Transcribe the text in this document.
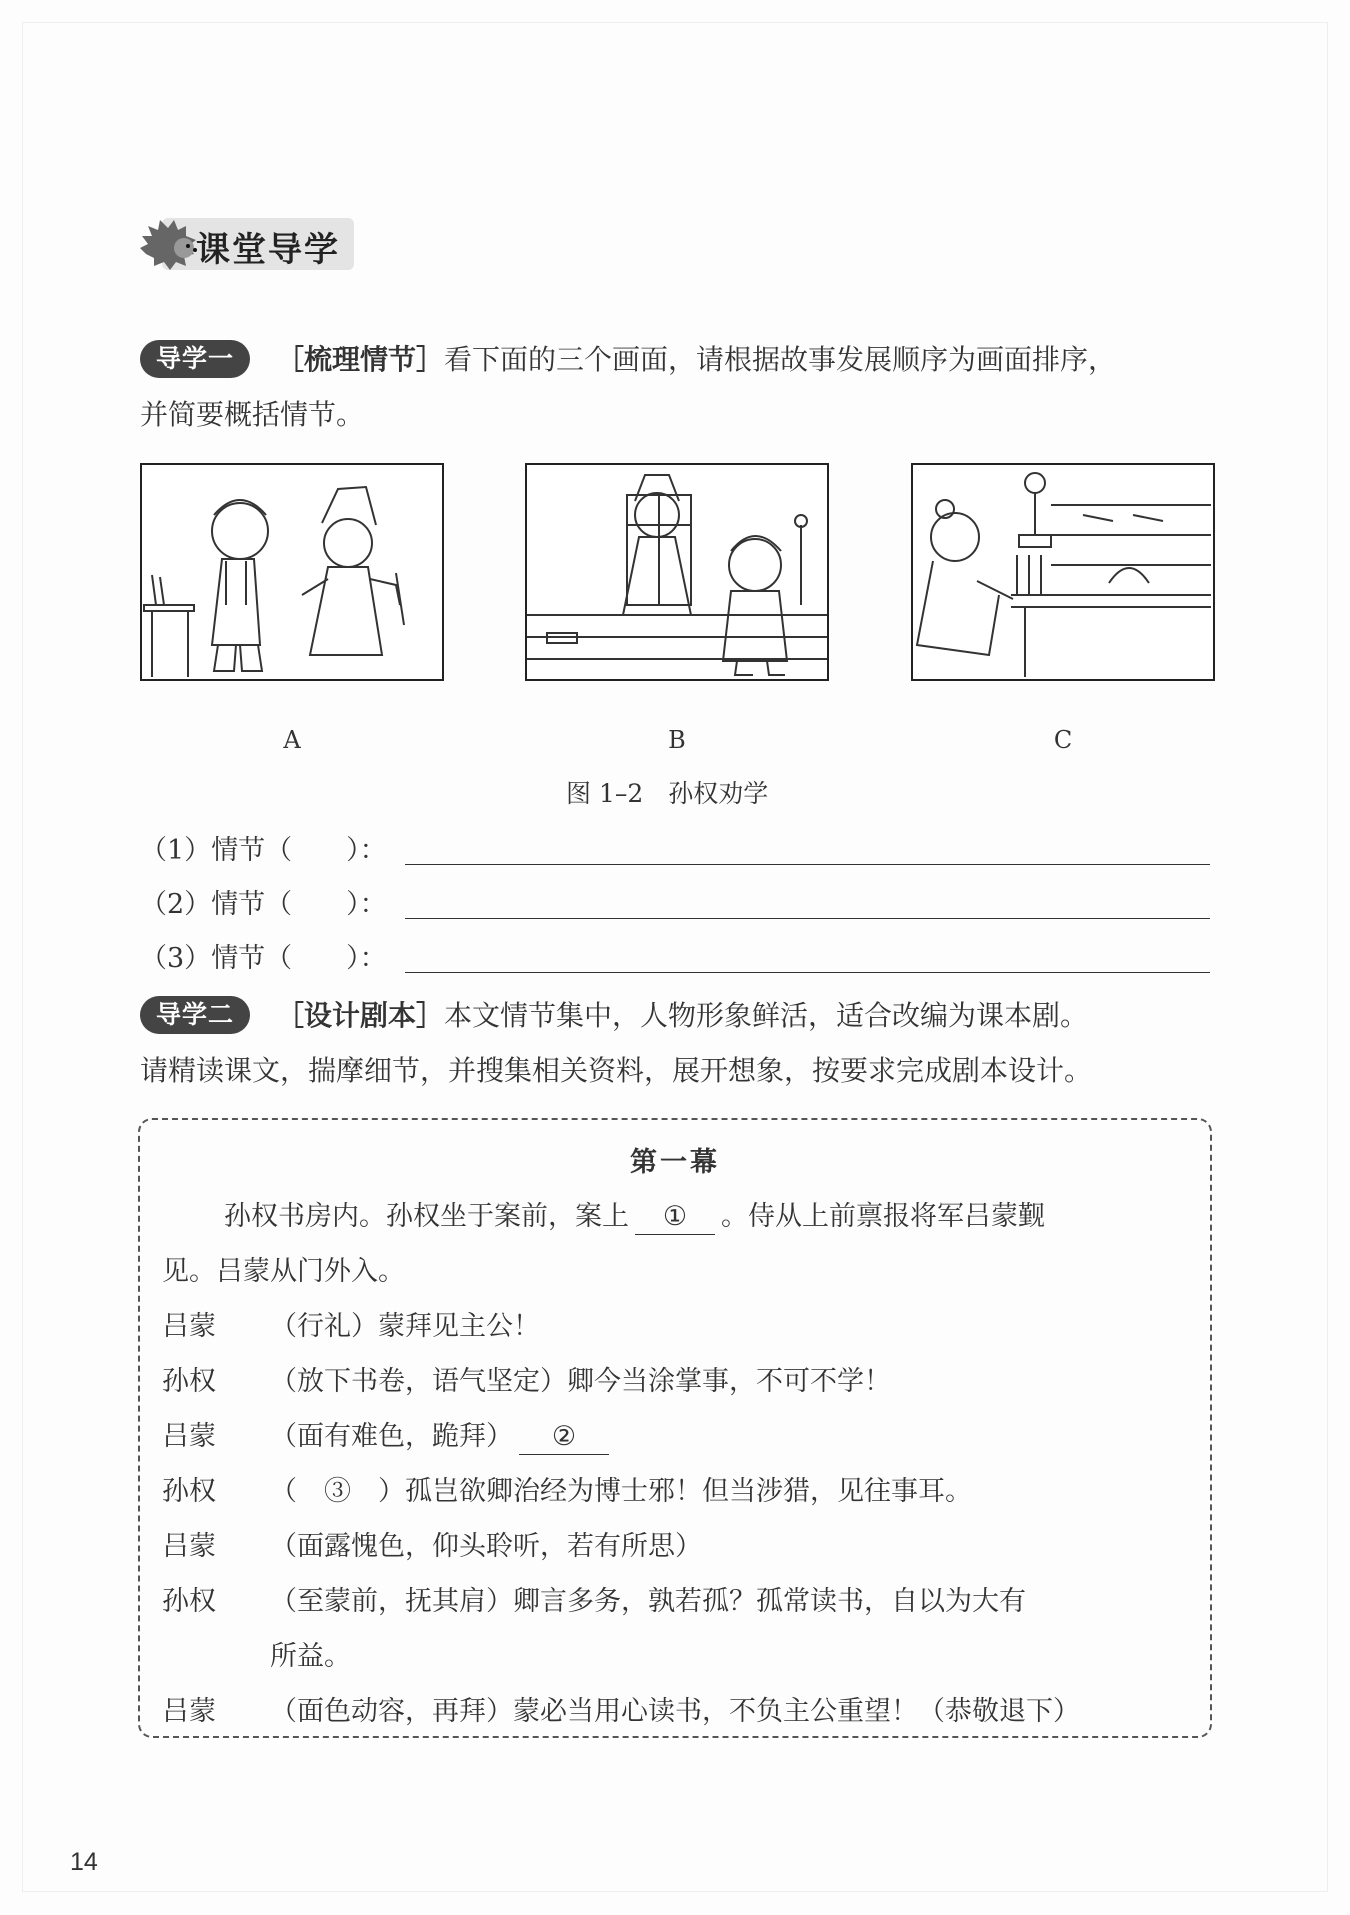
课堂导学
导学一 ［梳理情节］看下面的三个画面，请根据故事发展顺序为画面排序，
并简要概括情节。
A	B	C
图 1–2　孙权劝学
（1）情节（　　）：
（2）情节（　　）：
（3）情节（　　）：
导学二 ［设计剧本］本文情节集中，人物形象鲜活，适合改编为课本剧。
请精读课文，揣摩细节，并搜集相关资料，展开想象，按要求完成剧本设计。
第一幕
孙权书房内。孙权坐于案前，案上 ① 。侍从上前禀报将军吕蒙觐
见。吕蒙从门外入。
吕蒙 （行礼）蒙拜见主公！
孙权 （放下书卷，语气坚定）卿今当涂掌事，不可不学！
吕蒙 （面有难色，跪拜） ②
孙权 （　③　）孤岂欲卿治经为博士邪！但当涉猎，见往事耳。
吕蒙 （面露愧色，仰头聆听，若有所思）
孙权 （至蒙前，抚其肩）卿言多务，孰若孤？孤常读书，自以为大有
所益。
吕蒙 （面色动容，再拜）蒙必当用心读书，不负主公重望！（恭敬退下）
14
